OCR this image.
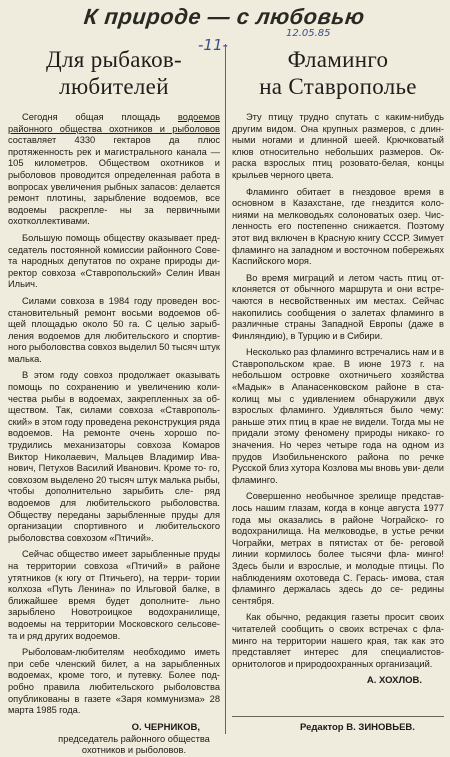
К природе — с любовью
12.05.85
-11-
Для рыбаков-
любителей

Сегодня общая площадь водоемов районного общества охотников и рыболовов составляет 4330 гектаров да плюс протяженность рек и магистрального канала — 105 километров. Обществом охотников и рыболовов проводится определенная работа в вопросах увеличения рыбных запасов: делается ремонт плотины, зарыбление водоемов, все водоемы раскрепле- ны за первичными охотколлективами.

Большую помощь обществу оказывает пред- седатель постоянной комиссии районного Сове- та народных депутатов по охране природы ди- ректор совхоза «Ставропольский» Селин Иван Ильич.

Силами совхоза в 1984 году проведен вос- становительный ремонт восьми водоемов об- щей площадью около 50 га. С целью зарыб- ления водоемов для любительского и спортив- ного рыболовства совхоз выделил 50 тысяч штук малька.

В этом году совхоз продолжает оказывать помощь по сохранению и увеличению коли- чества рыбы в водоемах, закрепленных за об- ществом. Так, силами совхоза «Ставрополь- ский» в этом году проведена реконструкция ряда водоемов. На ремонте очень хорошо по- трудились механизаторы совхоза Комаров Виктор Николаевич, Мальцев Владимир Ива- нович, Петухов Василий Иванович. Кроме то- го, совхозом выделено 20 тысяч штук малька рыбы, чтобы дополнительно зарыбить сле- ряд водоемов для любительского рыболовства. Обществу переданы зарыбленные пруды для организации спортивного и любительского рыболовства совхозом «Птичий».

Сейчас общество имеет зарыбленные пруды на территории совхоза «Птичий» в районе утятников (к югу от Птичьего), на терри- тории колхоза «Путь Ленина» по Ильговой балке, в ближайшее время будет дополните- льно зарыблено Новотроицкое водохранилище, водоемы на территории Московского сельсове- та и ряд других водоемов.

Рыболовам-любителям необходимо иметь при себе членский билет, а на зарыбленных водоемах, кроме того, и путевку. Более под- робно правила любительского рыболовства опубликованы в газете «Заря коммунизма» 28 марта 1985 года.

О. ЧЕРНИКОВ,
председатель районного общества охотников и рыболовов.
Фламинго
на Ставрополье

Эту птицу трудно спутать с каким-нибудь другим видом. Она крупных размеров, с длин- ными ногами и длинной шеей. Крючковатый клюв относительно небольших размеров. Ок- раска взрослых птиц розовато-белая, концы крыльев черного цвета.

Фламинго обитает в гнездовое время в основном в Казахстане, где гнездится коло- ниями на мелководьях солоноватых озер. Чис- ленность его постепенно снижается. Поэтому этот вид включен в Красную книгу СССР. Зимует фламинго на западном и восточном побережьях Каспийского моря.

Во время миграций и летом часть птиц от- клоняется от обычного маршрута и они встре- чаются в несвойственных им местах. Сейчас накопились сообщения о залетах фламинго в различные страны Западной Европы (даже в Финляндию), в Турцию и в Сибири.

Несколько раз фламинго встречались нам и в Ставропольском крае. В июне 1973 г. на небольшом островке охотничьего хозяйства «Мадык» в Апанасенковском районе в ста- колищ мы с удивлением обнаружили двух взрослых фламинго. Удивляться было чему: раньше этих птиц в крае не видели. Тогда мы не придали этому феномену природы никако- го значения. Но через четыре года на одном из прудов Изобильненского района по речке Русской близ хутора Козлова мы вновь уви- дели фламинго.

Совершенно необычное зрелище представ- лось нашим глазам, когда в конце августа 1977 года мы оказались в районе Чограйско- го водохранилища. На мелководье, в устье речки Чограйки, метрах в пятистах от бе- реговой линии кормилось более тысячи фла- минго! Здесь были и взрослые, и молодые птицы. По наблюдениям охотоведа С. Герась- имова, стая фламинго держалась здесь до се- редины сентября.

Как обычно, редакция газеты просит своих читателей сообщить о своих встречах с фла- минго на территории нашего края, так как это представляет интерес для специалистов- орнитологов и природоохранных организаций.

А. ХОХЛОВ.
Редактор В. ЗИНОВЬЕВ.
